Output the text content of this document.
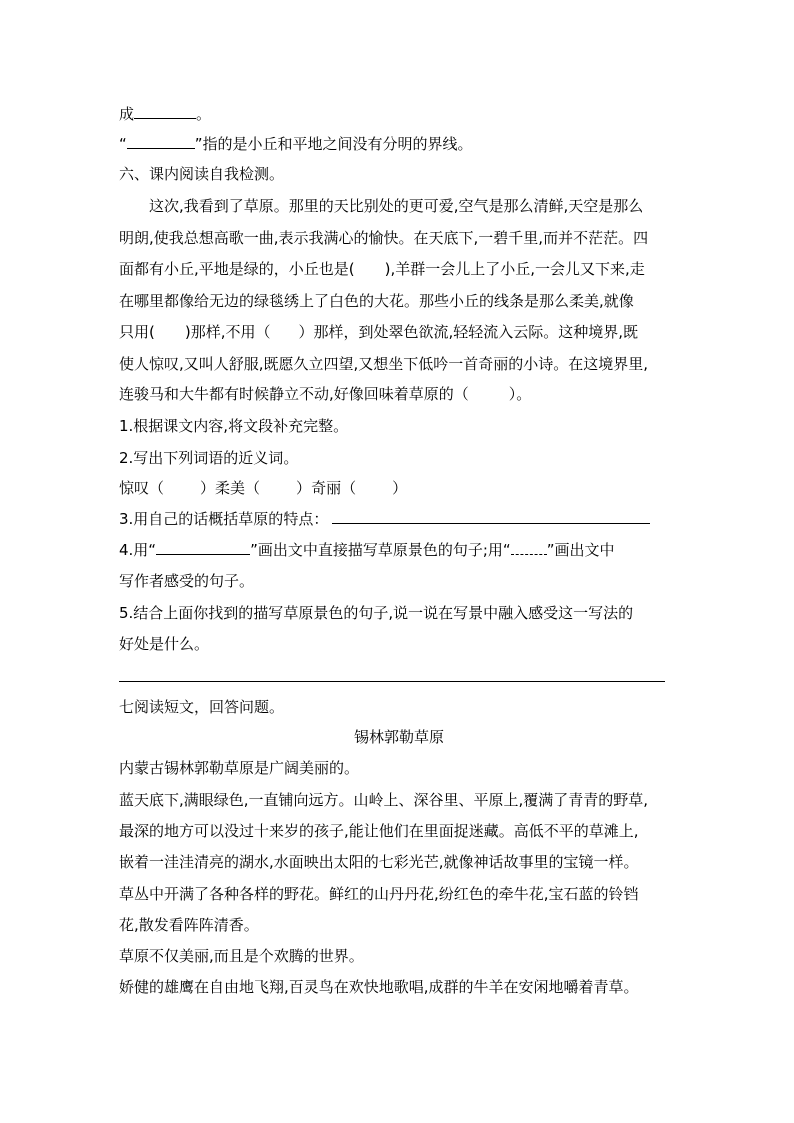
成	。
“	”指的是小丘和平地之间没有分明的界线。
六、课内阅读自我检测。
这次,我看到了草原。那里的天比别处的更可爱,空气是那么清鲜,天空是那么
明朗,使我总想高歌一曲,表示我满心的愉快。在天底下,一碧千里,而并不茫茫。四
面都有小丘,平地是绿的，小丘也是( ),羊群一会儿上了小丘,一会儿又下来,走
在哪里都像给无边的绿毯绣上了白色的大花。那些小丘的线条是那么柔美,就像
只用( )那样,不用（ ）那样，到处翠色欲流,轻轻流入云际。这种境界,既
使人惊叹,又叫人舒服,既愿久立四望,又想坐下低吟一首奇丽的小诗。在这境界里,
连骏马和大牛都有时候静立不动,好像回味着草原的（	）。
1.根据课文内容,将文段补充完整。
2.写出下列词语的近义词。
惊叹（ ）柔美（ ）奇丽（ ）
3.用自己的话概括草原的特点：
4.用“	”画出文中直接描写草原景色的句子;用“ ”画出文中
写作者感受的句子。
5.结合上面你找到的描写草原景色的句子,说一说在写景中融入感受这一写法的
好处是什么。
七阅读短文，回答问题。
锡林郭勒草原
内蒙古锡林郭勒草原是广阔美丽的。
蓝天底下,满眼绿色,一直铺向远方。山岭上、深谷里、平原上,覆满了青青的野草,
最深的地方可以没过十来岁的孩子,能让他们在里面捉迷藏。高低不平的草滩上,
嵌着一洼洼清亮的湖水,水面映出太阳的七彩光芒,就像神话故事里的宝镜一样。
草丛中开满了各种各样的野花。鲜红的山丹丹花,纷红色的牵牛花,宝石蓝的铃铛
花,散发看阵阵清香。
草原不仅美丽,而且是个欢腾的世界。
娇健的雄鹰在自由地飞翔,百灵鸟在欢快地歌唱,成群的牛羊在安闲地嚼着青草。
